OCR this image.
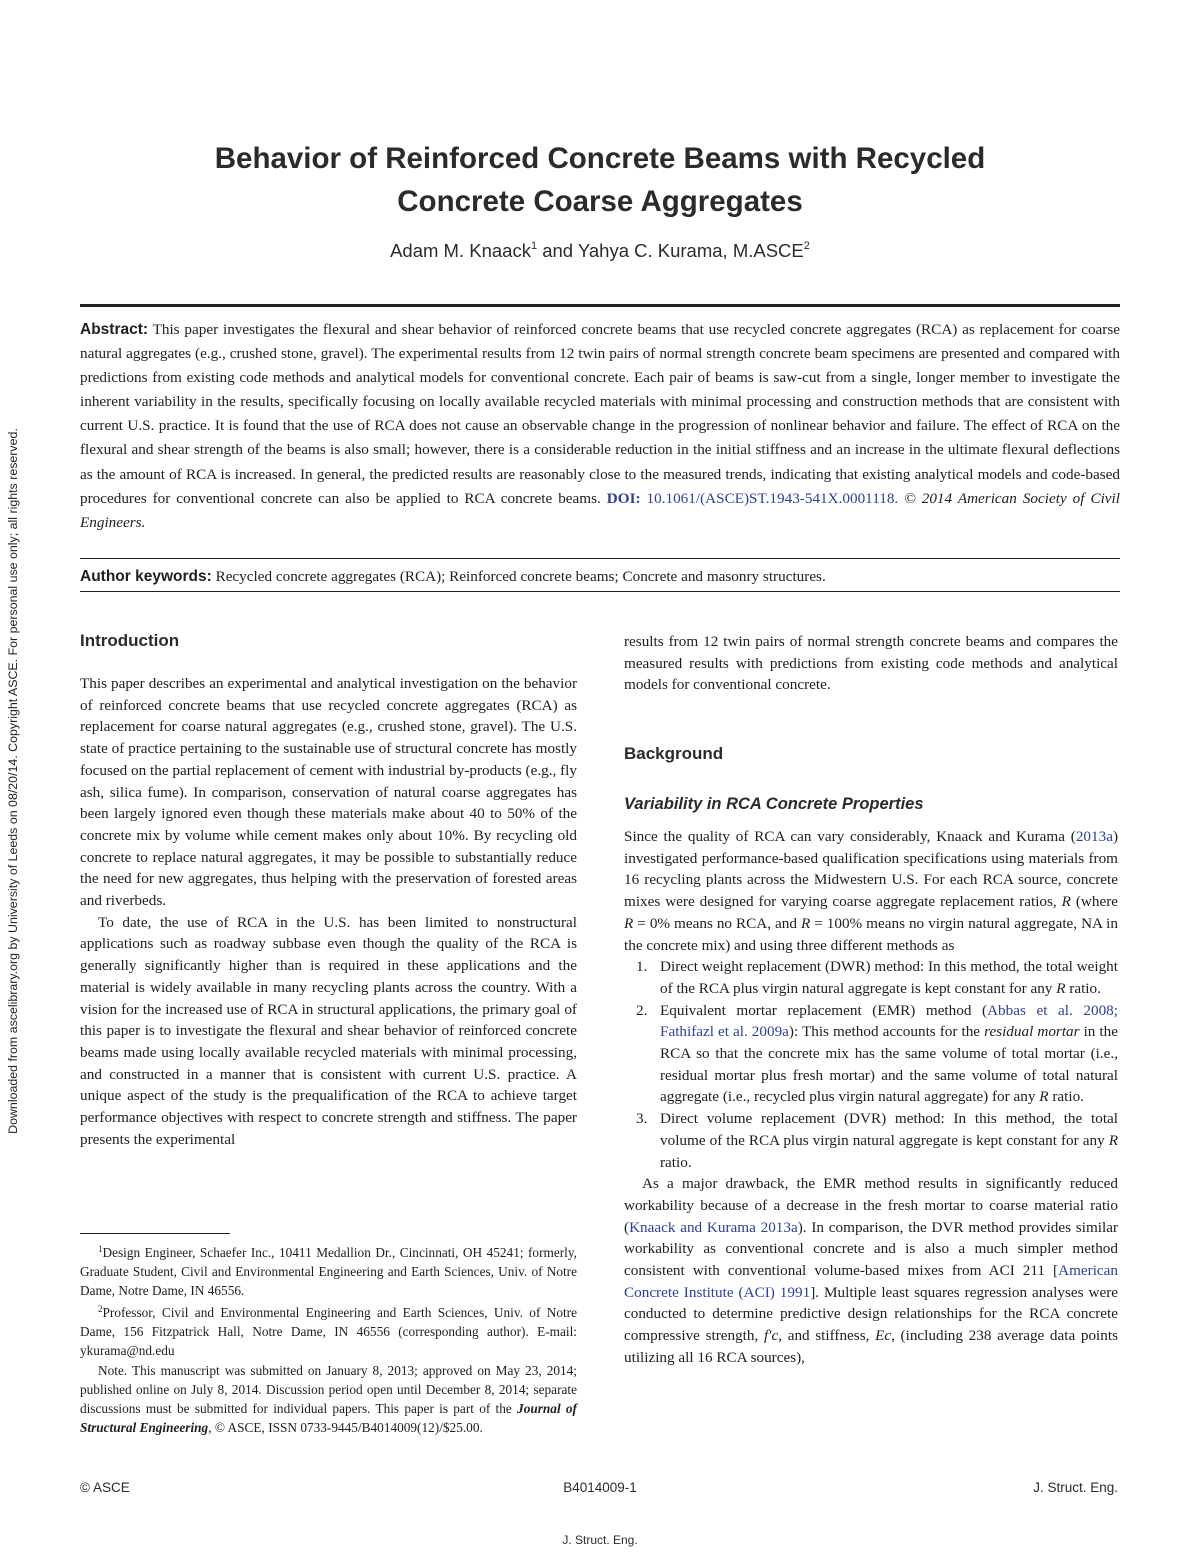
Downloaded from ascelibrary.org by University of Leeds on 08/20/14. Copyright ASCE. For personal use only; all rights reserved.
Behavior of Reinforced Concrete Beams with Recycled
Concrete Coarse Aggregates
Adam M. Knaack$^1$ and Yahya C. Kurama, M.ASCE$^2$
Abstract: This paper investigates the flexural and shear behavior of reinforced concrete beams that use recycled concrete aggregates (RCA) as replacement for coarse natural aggregates (e.g., crushed stone, gravel). The experimental results from 12 twin pairs of normal strength concrete beam specimens are presented and compared with predictions from existing code methods and analytical models for conventional concrete. Each pair of beams is saw-cut from a single, longer member to investigate the inherent variability in the results, specifically focusing on locally available recycled materials with minimal processing and construction methods that are consistent with current U.S. practice. It is found that the use of RCA does not cause an observable change in the progression of nonlinear behavior and failure. The effect of RCA on the flexural and shear strength of the beams is also small; however, there is a considerable reduction in the initial stiffness and an increase in the ultimate flexural deflections as the amount of RCA is increased. In general, the predicted results are reasonably close to the measured trends, indicating that existing analytical models and code-based procedures for conventional concrete can also be applied to RCA concrete beams. DOI: 10.1061/(ASCE)ST.1943-541X.0001118. © 2014 American Society of Civil Engineers.
Author keywords: Recycled concrete aggregates (RCA); Reinforced concrete beams; Concrete and masonry structures.
Introduction

This paper describes an experimental and analytical investigation on the behavior of reinforced concrete beams that use recycled concrete aggregates (RCA) as replacement for coarse natural aggregates (e.g., crushed stone, gravel). The U.S. state of practice pertaining to the sustainable use of structural concrete has mostly focused on the partial replacement of cement with industrial by-products (e.g., fly ash, silica fume). In comparison, conservation of natural coarse aggregates has been largely ignored even though these materials make about 40 to 50% of the concrete mix by volume while cement makes only about 10%. By recycling old concrete to replace natural aggregates, it may be possible to substantially reduce the need for new aggregates, thus helping with the preservation of forested areas and riverbeds.

To date, the use of RCA in the U.S. has been limited to nonstructural applications such as roadway subbase even though the quality of the RCA is generally significantly higher than is required in these applications and the material is widely available in many recycling plants across the country. With a vision for the increased use of RCA in structural applications, the primary goal of this paper is to investigate the flexural and shear behavior of reinforced concrete beams made using locally available recycled materials with minimal processing, and constructed in a manner that is consistent with current U.S. practice. A unique aspect of the study is the prequalification of the RCA to achieve target performance objectives with respect to concrete strength and stiffness. The paper presents the experimental

$^1$Design Engineer, Schaefer Inc., 10411 Medallion Dr., Cincinnati, OH 45241; formerly, Graduate Student, Civil and Environmental Engineering and Earth Sciences, Univ. of Notre Dame, Notre Dame, IN 46556.

$^2$Professor, Civil and Environmental Engineering and Earth Sciences, Univ. of Notre Dame, 156 Fitzpatrick Hall, Notre Dame, IN 46556 (corresponding author). E-mail: ykurama@nd.edu

Note. This manuscript was submitted on January 8, 2013; approved on May 23, 2014; published online on July 8, 2014. Discussion period open until December 8, 2014; separate discussions must be submitted for individual papers. This paper is part of the Journal of Structural Engineering, © ASCE, ISSN 0733-9445/B4014009(12)/$25.00.

results from 12 twin pairs of normal strength concrete beams and compares the measured results with predictions from existing code methods and analytical models for conventional concrete.

Background
Variability in RCA Concrete Properties

Since the quality of RCA can vary considerably, Knaack and Kurama (2013a) investigated performance-based qualification specifications using materials from 16 recycling plants across the Midwestern U.S. For each RCA source, concrete mixes were designed for varying coarse aggregate replacement ratios, R (where R = 0% means no RCA, and R = 100% means no virgin natural aggregate, NA in the concrete mix) and using three different methods as

1. Direct weight replacement (DWR) method: In this method, the total weight of the RCA plus virgin natural aggregate is kept constant for any R ratio.
2. Equivalent mortar replacement (EMR) method (Abbas et al. 2008; Fathifazl et al. 2009a): This method accounts for the residual mortar in the RCA so that the concrete mix has the same volume of total mortar (i.e., residual mortar plus fresh mortar) and the same volume of total natural aggregate (i.e., recycled plus virgin natural aggregate) for any R ratio.
3. Direct volume replacement (DVR) method: In this method, the total volume of the RCA plus virgin natural aggregate is kept constant for any R ratio.

As a major drawback, the EMR method results in significantly reduced workability because of a decrease in the fresh mortar to coarse material ratio (Knaack and Kurama 2013a). In comparison, the DVR method provides similar workability as conventional concrete and is also a much simpler method consistent with conventional volume-based mixes from ACI 211 [American Concrete Institute (ACI) 1991]. Multiple least squares regression analyses were conducted to determine predictive design relationships for the RCA concrete compressive strength, f′c, and stiffness, Ec, (including 238 average data points utilizing all 16 RCA sources),

© ASCE	B4014009-1	J. Struct. Eng.
J. Struct. Eng.
